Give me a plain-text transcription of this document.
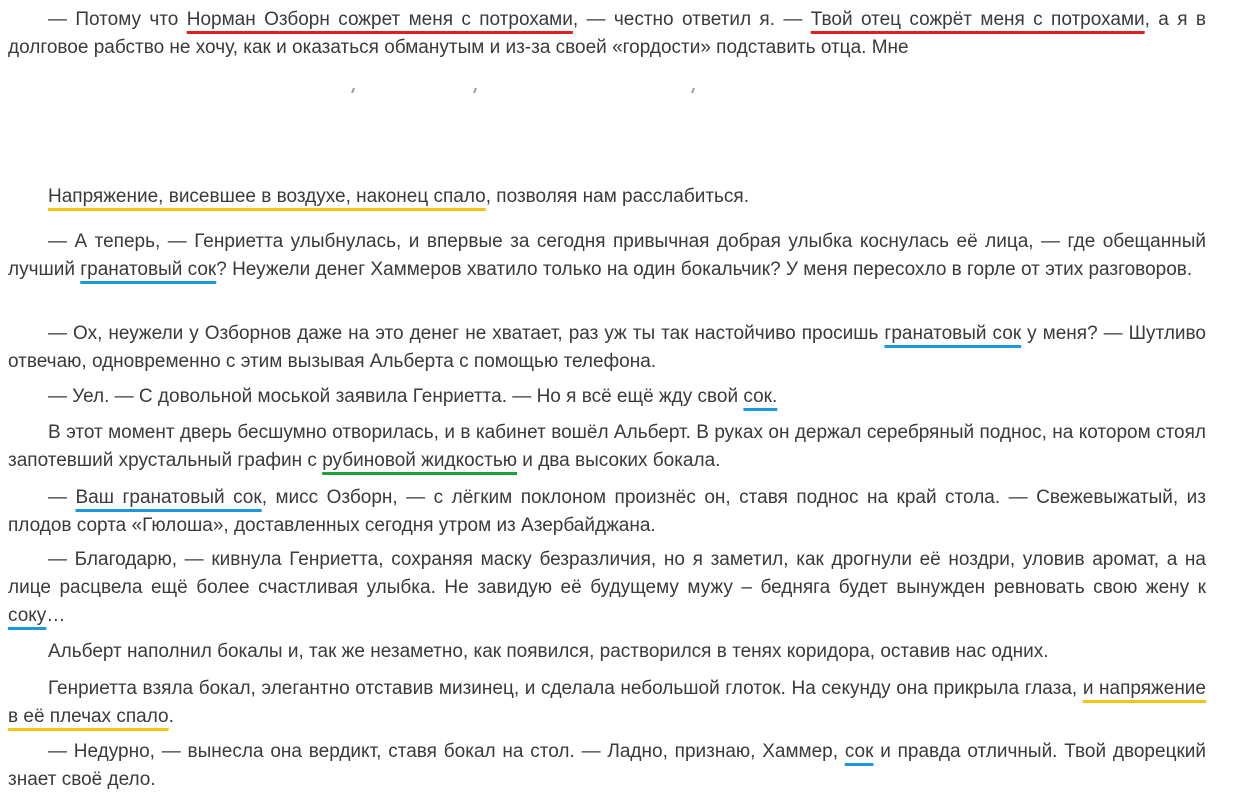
— Потому что Норман Озборн сожрет меня с потрохами, — честно ответил я. — Твой отец сожрёт меня с потрохами, а я в долговое рабство не хочу, как и оказаться обманутым и из-за своей «гордости» подставить отца. Мне

Напряжение, висевшее в воздухе, наконец спало, позволяя нам расслабиться.

— А теперь, — Генриетта улыбнулась, и впервые за сегодня привычная добрая улыбка коснулась её лица, — где обещанный лучший гранатовый сок? Неужели денег Хаммеров хватило только на один бокальчик? У меня пересохло в горле от этих разговоров.

— Ох, неужели у Озборнов даже на это денег не хватает, раз уж ты так настойчиво просишь гранатовый сок у меня? — Шутливо отвечаю, одновременно с этим вызывая Альберта с помощью телефона.

— Уел. — С довольной моськой заявила Генриетта. — Но я всё ещё жду свой сок.

В этот момент дверь бесшумно отворилась, и в кабинет вошёл Альберт. В руках он держал серебряный поднос, на котором стоял запотевший хрустальный графин с рубиновой жидкостью и два высоких бокала.

— Ваш гранатовый сок, мисс Озборн, — с лёгким поклоном произнёс он, ставя поднос на край стола. — Свежевыжатый, из плодов сорта «Гюлоша», доставленных сегодня утром из Азербайджана.

— Благодарю, — кивнула Генриетта, сохраняя маску безразличия, но я заметил, как дрогнули её ноздри, уловив аромат, а на лице расцвела ещё более счастливая улыбка. Не завидую её будущему мужу – бедняга будет вынужден ревновать свою жену к соку…

Альберт наполнил бокалы и, так же незаметно, как появился, растворился в тенях коридора, оставив нас одних.

Генриетта взяла бокал, элегантно отставив мизинец, и сделала небольшой глоток. На секунду она прикрыла глаза, и напряжение в её плечах спало.

— Недурно, — вынесла она вердикт, ставя бокал на стол. — Ладно, признаю, Хаммер, сок и правда отличный. Твой дворецкий знает своё дело.
